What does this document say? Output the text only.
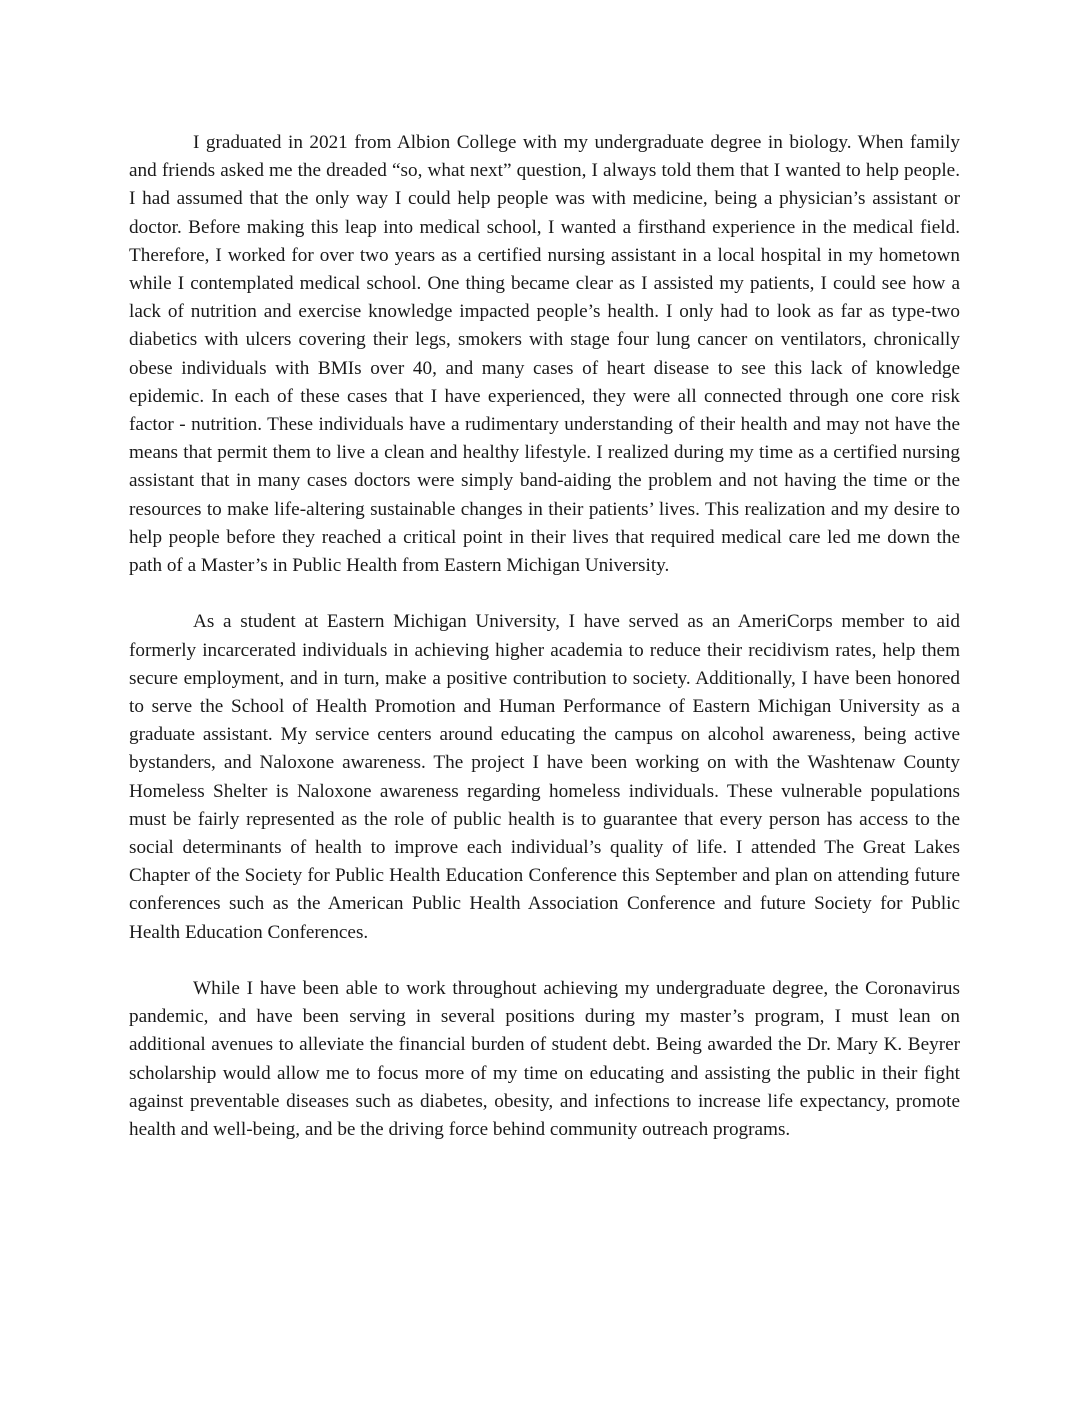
I graduated in 2021 from Albion College with my undergraduate degree in biology. When family and friends asked me the dreaded “so, what next” question, I always told them that I wanted to help people. I had assumed that the only way I could help people was with medicine, being a physician’s assistant or doctor. Before making this leap into medical school, I wanted a firsthand experience in the medical field. Therefore, I worked for over two years as a certified nursing assistant in a local hospital in my hometown while I contemplated medical school. One thing became clear as I assisted my patients, I could see how a lack of nutrition and exercise knowledge impacted people’s health. I only had to look as far as type-two diabetics with ulcers covering their legs, smokers with stage four lung cancer on ventilators, chronically obese individuals with BMIs over 40, and many cases of heart disease to see this lack of knowledge epidemic. In each of these cases that I have experienced, they were all connected through one core risk factor - nutrition. These individuals have a rudimentary understanding of their health and may not have the means that permit them to live a clean and healthy lifestyle. I realized during my time as a certified nursing assistant that in many cases doctors were simply band-aiding the problem and not having the time or the resources to make life-altering sustainable changes in their patients’ lives. This realization and my desire to help people before they reached a critical point in their lives that required medical care led me down the path of a Master’s in Public Health from Eastern Michigan University.

As a student at Eastern Michigan University, I have served as an AmeriCorps member to aid formerly incarcerated individuals in achieving higher academia to reduce their recidivism rates, help them secure employment, and in turn, make a positive contribution to society. Additionally, I have been honored to serve the School of Health Promotion and Human Performance of Eastern Michigan University as a graduate assistant. My service centers around educating the campus on alcohol awareness, being active bystanders, and Naloxone awareness. The project I have been working on with the Washtenaw County Homeless Shelter is Naloxone awareness regarding homeless individuals. These vulnerable populations must be fairly represented as the role of public health is to guarantee that every person has access to the social determinants of health to improve each individual’s quality of life. I attended The Great Lakes Chapter of the Society for Public Health Education Conference this September and plan on attending future conferences such as the American Public Health Association Conference and future Society for Public Health Education Conferences.

While I have been able to work throughout achieving my undergraduate degree, the Coronavirus pandemic, and have been serving in several positions during my master’s program, I must lean on additional avenues to alleviate the financial burden of student debt. Being awarded the Dr. Mary K. Beyrer scholarship would allow me to focus more of my time on educating and assisting the public in their fight against preventable diseases such as diabetes, obesity, and infections to increase life expectancy, promote health and well-being, and be the driving force behind community outreach programs.
